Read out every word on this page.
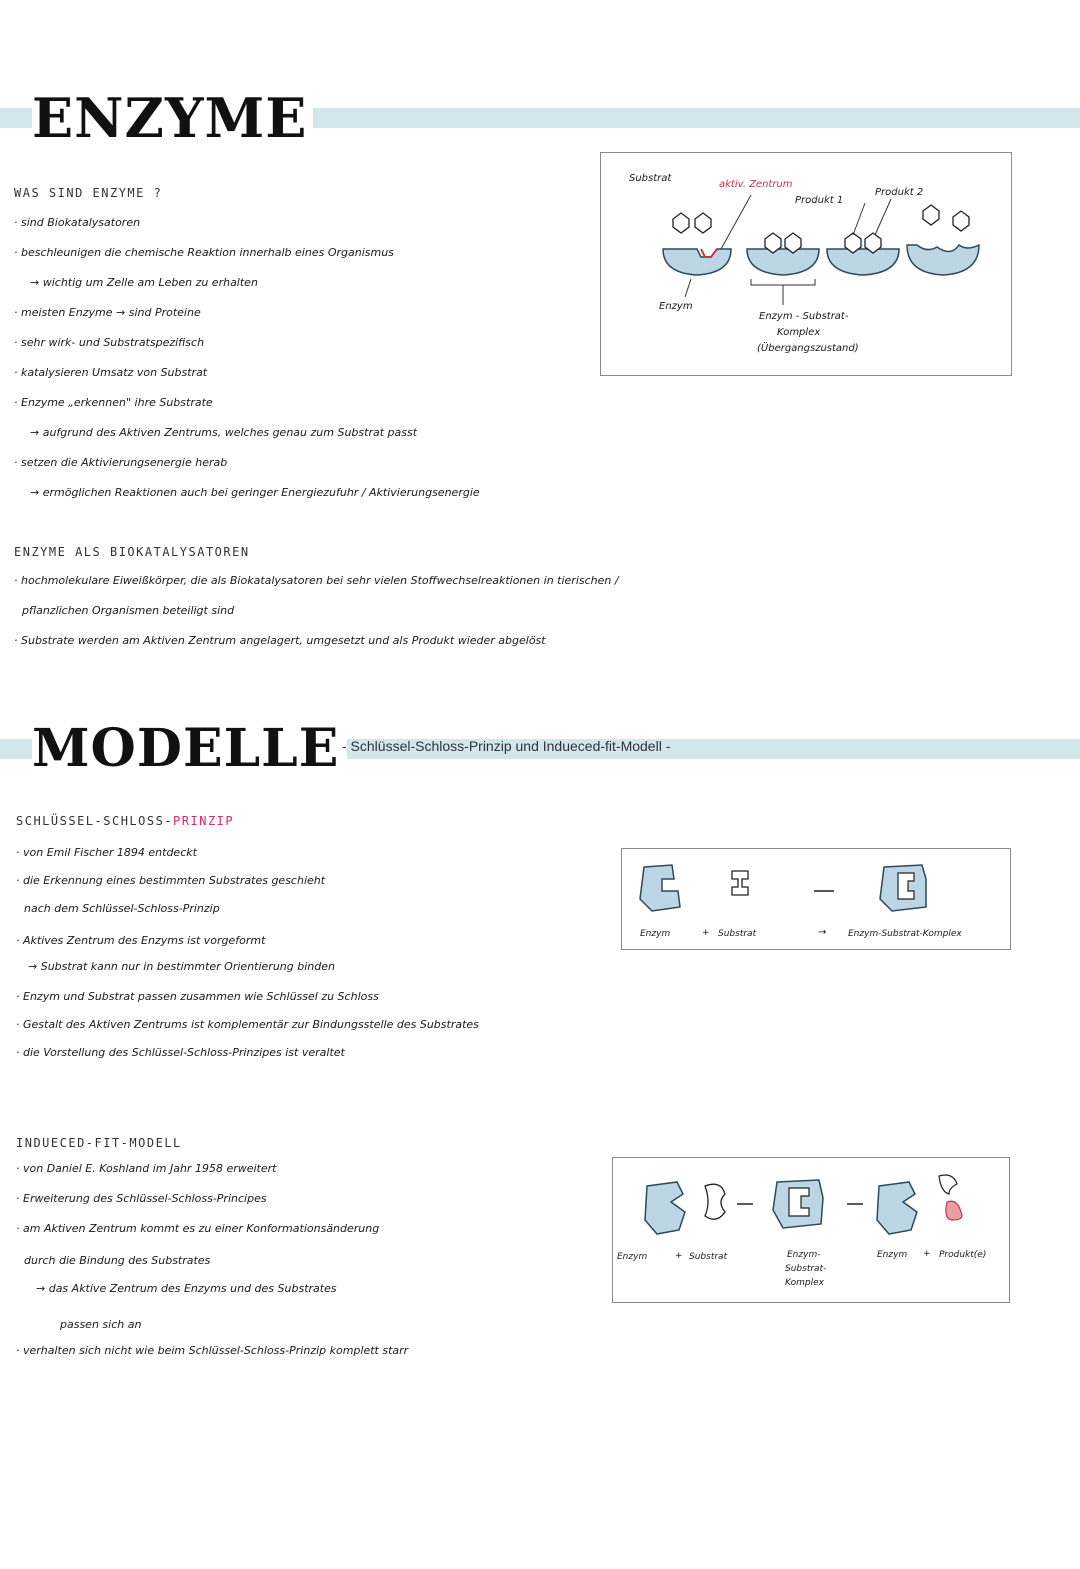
ENZYME
WAS SIND ENZYME ?
· sind Biokatalysatoren
· beschleunigen die chemische Reaktion innerhalb eines Organismus
→ wichtig um Zelle am Leben zu erhalten
· meisten Enzyme → sind Proteine
· sehr wirk- und Substratspezifisch
· katalysieren Umsatz von Substrat
· Enzyme „erkennen" ihre Substrate
→ aufgrund des Aktiven Zentrums, welches genau zum Substrat passt
· setzen die Aktivierungsenergie herab
→ ermöglichen Reaktionen auch bei geringer Energiezufuhr / Aktivierungsenergie
Substrat
aktiv. Zentrum
Produkt 1
Produkt 2
Enzym
Enzym - Substrat-
Komplex
(Übergangszustand)
ENZYME ALS BIOKATALYSATOREN
· hochmolekulare Eiweißkörper, die als Biokatalysatoren bei sehr vielen Stoffwechselreaktionen in tierischen /
pflanzlichen Organismen beteiligt sind
· Substrate werden am Aktiven Zentrum angelagert, umgesetzt und als Produkt wieder abgelöst
MODELLE - Schlüssel-Schloss-Prinzip und Indueced-fit-Modell -
SCHLÜSSEL-SCHLOSS-PRINZIP
· von Emil Fischer 1894 entdeckt
· die Erkennung eines bestimmten Substrates geschieht
nach dem Schlüssel-Schloss-Prinzip
· Aktives Zentrum des Enzyms ist vorgeformt
→ Substrat kann nur in bestimmter Orientierung binden
· Enzym und Substrat passen zusammen wie Schlüssel zu Schloss
· Gestalt des Aktiven Zentrums ist komplementär zur Bindungsstelle des Substrates
· die Vorstellung des Schlüssel-Schloss-Prinzipes ist veraltet
Enzym	+ Substrat	→ Enzym-Substrat-Komplex
INDUECED-FIT-MODELL
· von Daniel E. Koshland im Jahr 1958 erweitert
· Erweiterung des Schlüssel-Schloss-Principes
· am Aktiven Zentrum kommt es zu einer Konformationsänderung
durch die Bindung des Substrates
→ das Aktive Zentrum des Enzyms und des Substrates
passen sich an
· verhalten sich nicht wie beim Schlüssel-Schloss-Prinzip komplett starr
Enzym	+ Substrat	Enzym-
Substrat-
Komplex
Enzym + Produkt(e)
